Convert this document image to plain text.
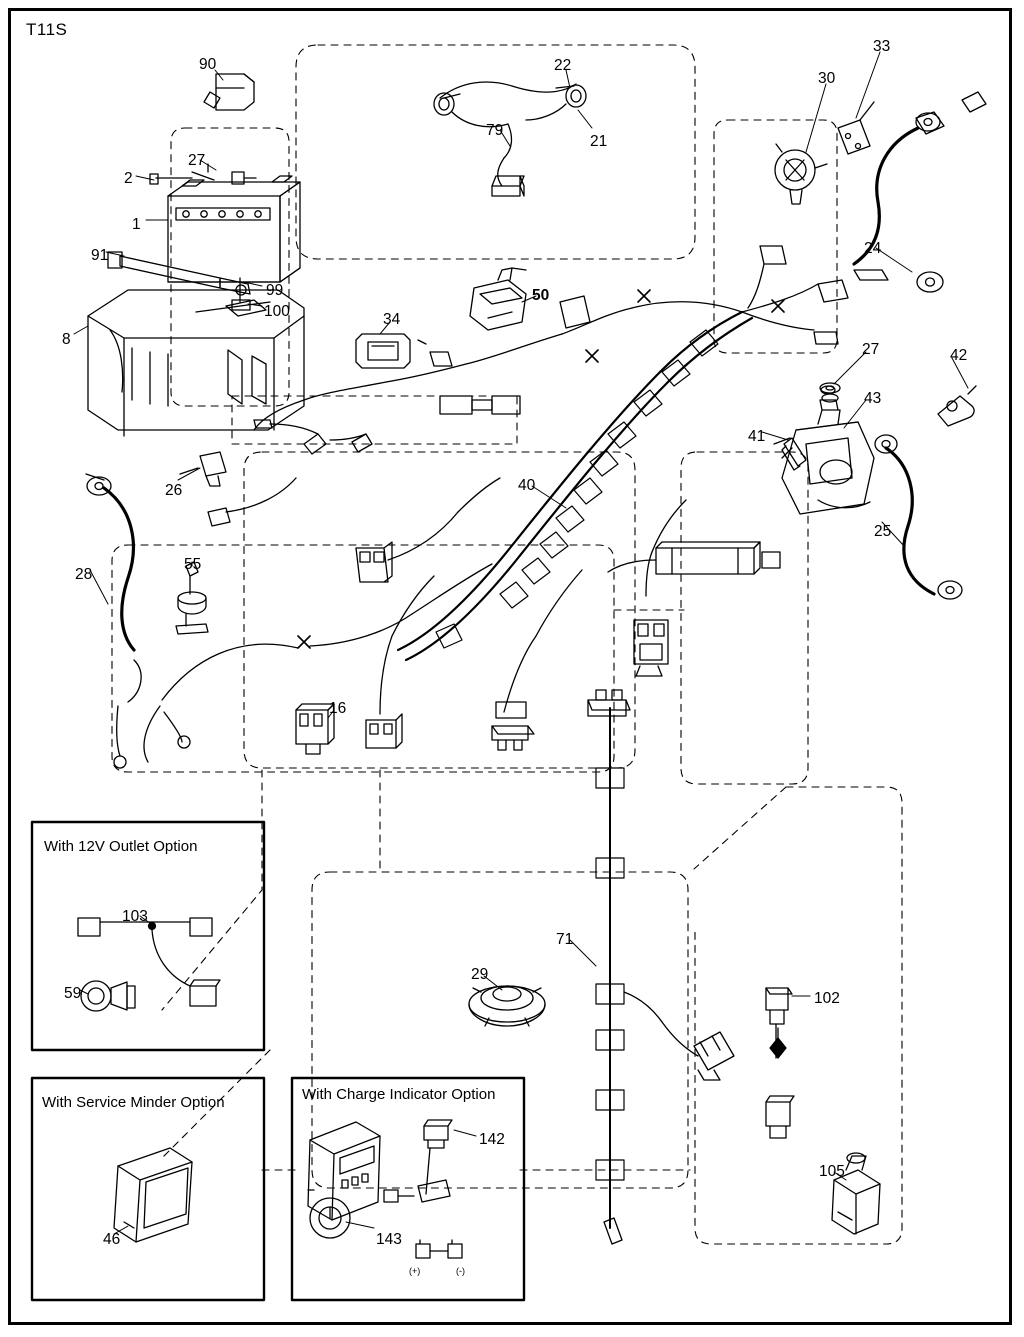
T11S
With 12V Outlet Option
With Service Minder Option	With Charge Indicator Option
90	22
33
30
79
21
27
2
1
24
91
99
100
50
8
34
27	42
43
41
26	40
25
55
28
16
103
71
29
59	102
105
142
143
46
(+)	(-)
